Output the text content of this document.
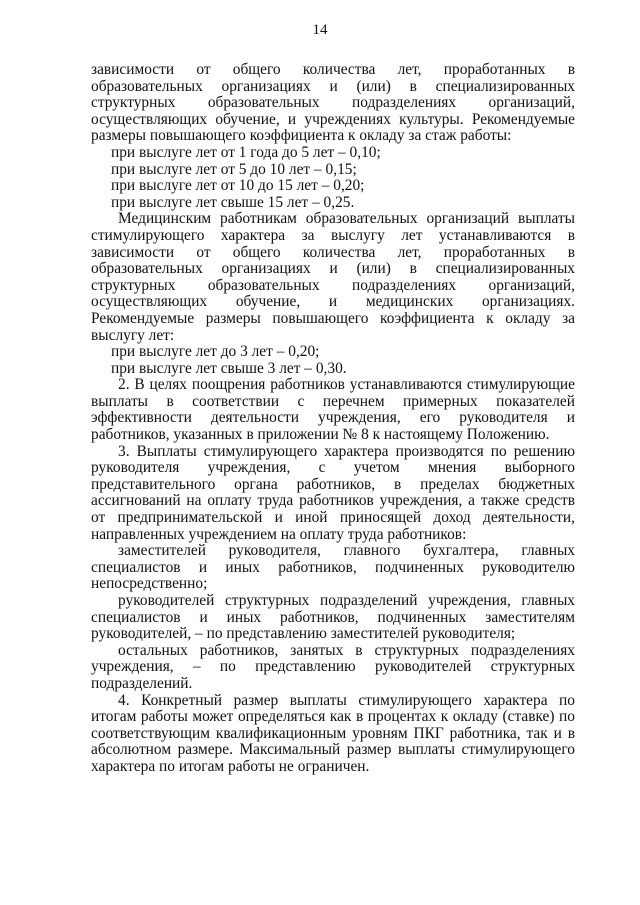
14

зависимости от общего количества лет, проработанных в образовательных организациях и (или) в специализированных структурных образовательных подразделениях организаций, осуществляющих обучение, и учреждениях культуры. Рекомендуемые размеры повышающего коэффициента к окладу за стаж работы:

при выслуге лет от 1 года до 5 лет – 0,10;
при выслуге лет от 5 до 10 лет – 0,15;
при выслуге лет от 10 до 15 лет – 0,20;
при выслуге лет свыше 15 лет – 0,25.

Медицинским работникам образовательных организаций выплаты стимулирующего характера за выслугу лет устанавливаются в зависимости от общего количества лет, проработанных в образовательных организациях и (или) в специализированных структурных образовательных подразделениях организаций, осуществляющих обучение, и медицинских организациях. Рекомендуемые размеры повышающего коэффициента к окладу за выслугу лет:

при выслуге лет до 3 лет – 0,20;
при выслуге лет свыше 3 лет – 0,30.

2. В целях поощрения работников устанавливаются стимулирующие выплаты в соответствии с перечнем примерных показателей эффективности деятельности учреждения, его руководителя и работников, указанных в приложении № 8 к настоящему Положению.

3. Выплаты стимулирующего характера производятся по решению руководителя учреждения, с учетом мнения выборного представительного органа работников, в пределах бюджетных ассигнований на оплату труда работников учреждения, а также средств от предпринимательской и иной приносящей доход деятельности, направленных учреждением на оплату труда работников:

заместителей руководителя, главного бухгалтера, главных специалистов и иных работников, подчиненных руководителю непосредственно;

руководителей структурных подразделений учреждения, главных специалистов и иных работников, подчиненных заместителям руководителей, – по представлению заместителей руководителя;

остальных работников, занятых в структурных подразделениях учреждения, – по представлению руководителей структурных подразделений.

4. Конкретный размер выплаты стимулирующего характера по итогам работы может определяться как в процентах к окладу (ставке) по соответствующим квалификационным уровням ПКГ работника, так и в абсолютном размере. Максимальный размер выплаты стимулирующего характера по итогам работы не ограничен.
